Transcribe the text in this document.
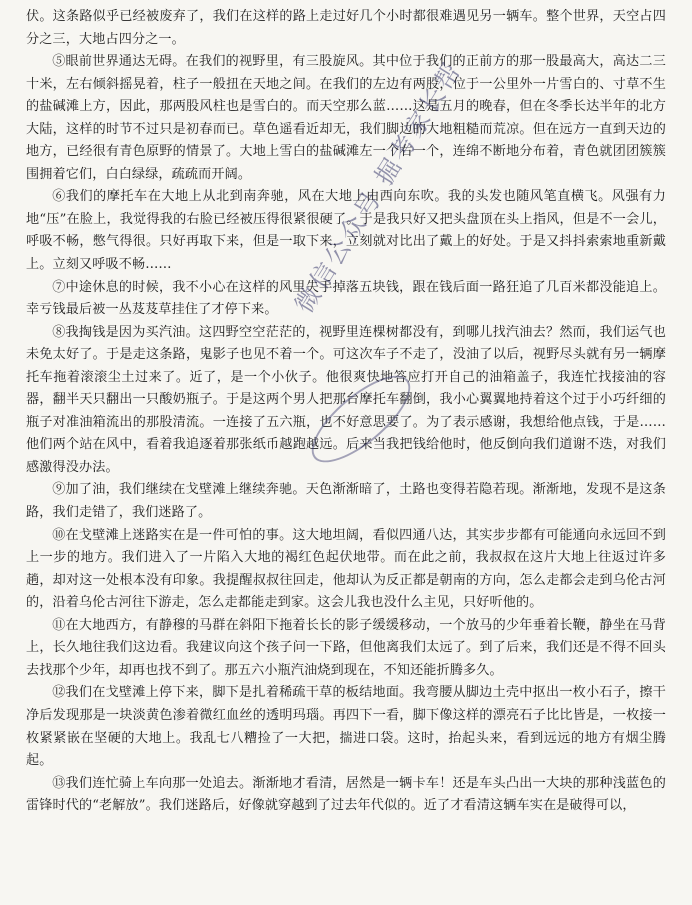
伏。这条路似乎已经被废弃了，我们在这样的路上走过好几个小时都很难遇见另一辆车。整个世界，天空占四分之三，大地占四分之一。

⑤眼前世界通达无碍。在我们的视野里，有三股旋风。其中位于我们的正前方的那一股最高大，高达二三十米，左右倾斜摇晃着，柱子一般扭在天地之间。在我们的左边有两股，位于一公里外一片雪白的、寸草不生的盐碱滩上方，因此，那两股风柱也是雪白的。而天空那么蓝……这是五月的晚春，但在冬季长达半年的北方大陆，这样的时节不过只是初春而已。草色遥看近却无，我们脚边的大地粗糙而荒凉。但在远方一直到天边的地方，已经很有青色原野的情景了。大地上雪白的盐碱滩左一个右一个，连绵不断地分布着，青色就团团簇簇围拥着它们，白白绿绿，疏疏而开阔。

⑥我们的摩托车在大地上从北到南奔驰，风在大地上由西向东吹。我的头发也随风笔直横飞。风强有力地“压”在脸上，我觉得我的右脸已经被压得很紧很硬了。于是我只好又把头盘顶在头上指风，但是不一会儿，呼吸不畅，憋气得很。只好再取下来，但是一取下来，立刻就对比出了戴上的好处。于是又抖抖索索地重新戴上。立刻又呼吸不畅……

⑦中途休息的时候，我不小心在这样的风里失手掉落五块钱，跟在钱后面一路狂追了几百米都没能追上。幸亏钱最后被一丛芨芨草挂住了才停下来。

⑧我掏钱是因为买汽油。这四野空空茫茫的，视野里连棵树都没有，到哪儿找汽油去？然而，我们运气也未免太好了。于是走这条路，鬼影子也见不着一个。可这次车子不走了，没油了以后，视野尽头就有另一辆摩托车拖着滚滚尘土过来了。近了，是一个小伙子。他很爽快地答应打开自己的油箱盖子，我连忙找接油的容器，翻半天只翻出一只酸奶瓶子。于是这两个男人把那台摩托车翻倒，我小心翼翼地持着这个过于小巧纤细的瓶子对准油箱流出的那股清流。一连接了五六瓶，也不好意思要了。为了表示感谢，我想给他点钱，于是……他们两个站在风中，看着我追逐着那张纸币越跑越远。后来当我把钱给他时，他反倒向我们道谢不迭，对我们感激得没办法。

⑨加了油，我们继续在戈壁滩上继续奔驰。天色渐渐暗了，土路也变得若隐若现。渐渐地，发现不是这条路，我们走错了，我们迷路了。

⑩在戈壁滩上迷路实在是一件可怕的事。这大地坦阔，看似四通八达，其实步步都有可能通向永远回不到上一步的地方。我们进入了一片陷入大地的褐红色起伏地带。而在此之前，我叔叔在这片大地上往返过许多趟，却对这一处根本没有印象。我提醒叔叔往回走，他却认为反正都是朝南的方向，怎么走都会走到乌伦古河的，沿着乌伦古河往下游走，怎么走都能走到家。这会儿我也没什么主见，只好听他的。

⑪在大地西方，有静穆的马群在斜阳下拖着长长的影子缓缓移动，一个放马的少年垂着长鞭，静坐在马背上，长久地往我们这边看。我建议向这个孩子问一下路，但他离我们太远了。到了后来，我们还是不得不回头去找那个少年，却再也找不到了。那五六小瓶汽油烧到现在，不知还能折腾多久。

⑫我们在戈壁滩上停下来，脚下是扎着稀疏干草的板结地面。我弯腰从脚边土壳中抠出一枚小石子，擦干净后发现那是一块淡黄色渗着微红血丝的透明玛瑙。再四下一看，脚下像这样的漂亮石子比比皆是，一枚接一枚紧紧嵌在坚硬的大地上。我乱七八糟捡了一大把，揣进口袋。这时，抬起头来，看到远远的地方有烟尘腾起。

⑬我们连忙骑上车向那一处追去。渐渐地才看清，居然是一辆卡车！还是车头凸出一大块的那种浅蓝色的雷锋时代的“老解放”。我们迷路后，好像就穿越到了过去年代似的。近了才看清这辆车实在是破得可以，

微信公众号 掘考家长帮
